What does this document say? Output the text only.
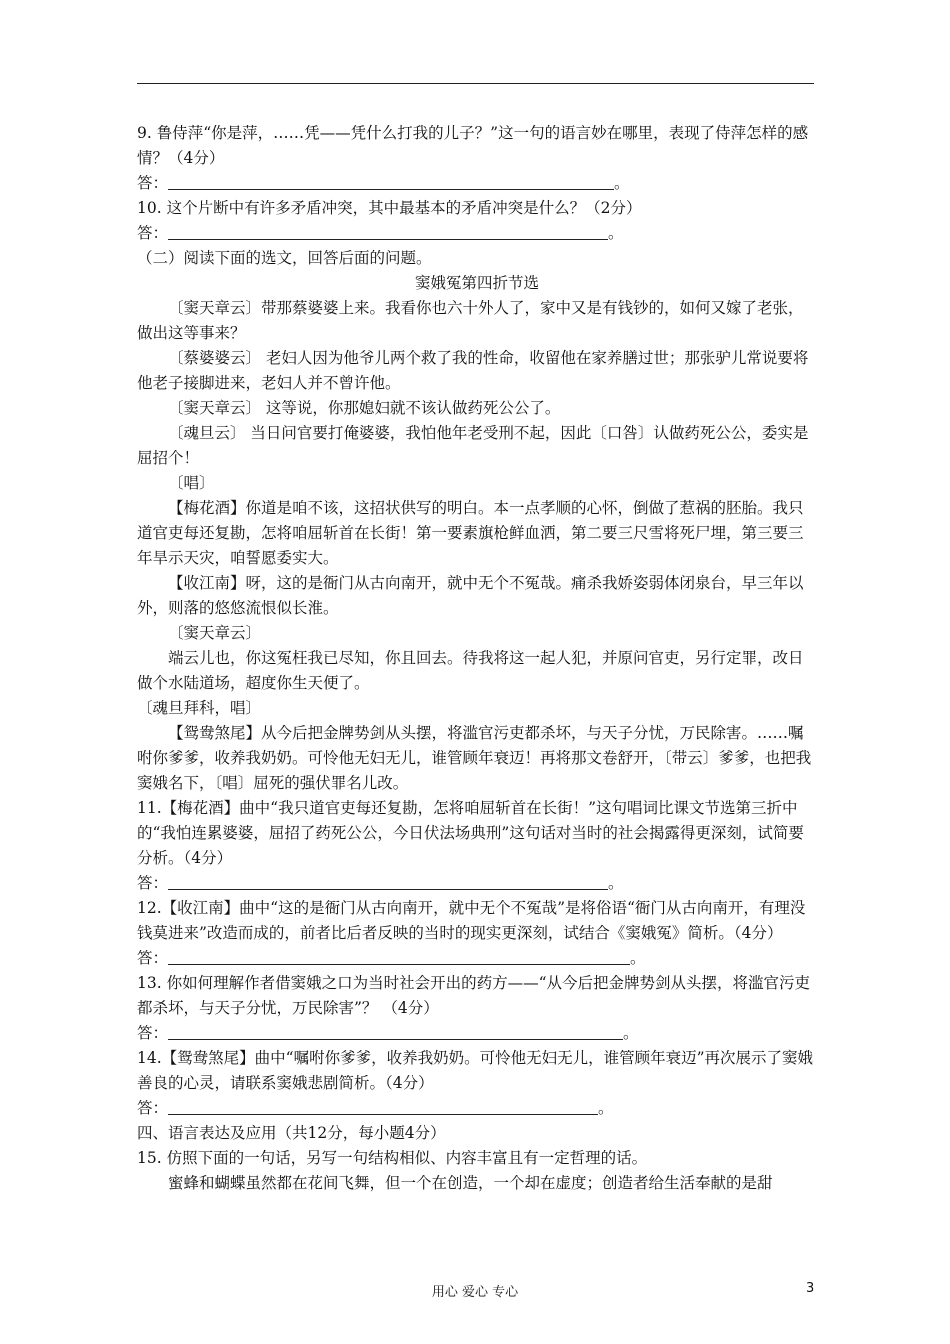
9. 鲁侍萍“你是萍，……凭——凭什么打我的儿子？”这一句的语言妙在哪里，表现了侍萍怎样的感情？（4分）

答：	。

10. 这个片断中有许多矛盾冲突，其中最基本的矛盾冲突是什么？（2分）

答：	。

（二）阅读下面的选文，回答后面的问题。

窦娥冤第四折节选

〔窦天章云〕带那蔡婆婆上来。我看你也六十外人了，家中又是有钱钞的，如何又嫁了老张，做出这等事来？

〔蔡婆婆云〕 老妇人因为他爷儿两个救了我的性命，收留他在家养膳过世；那张驴儿常说要将他老子接脚进来，老妇人并不曾许他。

〔窦天章云〕 这等说，你那媳妇就不该认做药死公公了。

〔魂旦云〕 当日问官要打俺婆婆，我怕他年老受刑不起，因此〔口咎〕认做药死公公，委实是屈招个！

〔唱〕

【梅花酒】你道是咱不该，这招状供写的明白。本一点孝顺的心怀，倒做了惹祸的胚胎。我只道官吏每还复勘，怎将咱屈斩首在长街！第一要素旗枪鲜血洒，第二要三尺雪将死尸埋，第三要三年旱示天灾，咱誓愿委实大。

【收江南】呀，这的是衙门从古向南开，就中无个不冤哉。痛杀我娇姿弱体闭泉台，早三年以外，则落的悠悠流恨似长淮。

〔窦天章云〕

端云儿也，你这冤枉我已尽知，你且回去。待我将这一起人犯，并原问官吏，另行定罪，改日做个水陆道场，超度你生天便了。

〔魂旦拜科，唱〕

【鸳鸯煞尾】从今后把金牌势剑从头摆，将滥官污吏都杀坏，与天子分忧，万民除害。……嘱咐你爹爹，收养我奶奶。可怜他无妇无儿，谁管顾年衰迈！再将那文卷舒开，〔带云〕爹爹，也把我窦娥名下，〔唱〕屈死的强伏罪名儿改。

11.【梅花酒】曲中“我只道官吏每还复勘，怎将咱屈斩首在长街！”这句唱词比课文节选第三折中的“我怕连累婆婆，屈招了药死公公，今日伏法场典刑”这句话对当时的社会揭露得更深刻，试简要分析。（4分）

答：	。

12.【收江南】曲中“这的是衙门从古向南开，就中无个不冤哉”是将俗语“衙门从古向南开，有理没钱莫进来”改造而成的，前者比后者反映的当时的现实更深刻，试结合《窦娥冤》简析。（4分）

答：	。

13. 你如何理解作者借窦娥之口为当时社会开出的药方——“从今后把金牌势剑从头摆，将滥官污吏都杀坏，与天子分忧，万民除害”？ （4分）

答：	。

14.【鸳鸯煞尾】曲中“嘱咐你爹爹，收养我奶奶。可怜他无妇无儿，谁管顾年衰迈”再次展示了窦娥善良的心灵，请联系窦娥悲剧简析。（4分）

答：	。

四、语言表达及应用（共12分，每小题4分）

15. 仿照下面的一句话，另写一句结构相似、内容丰富且有一定哲理的话。

蜜蜂和蝴蝶虽然都在花间飞舞，但一个在创造，一个却在虚度；创造者给生活奉献的是甜

用心 爱心 专心	3
